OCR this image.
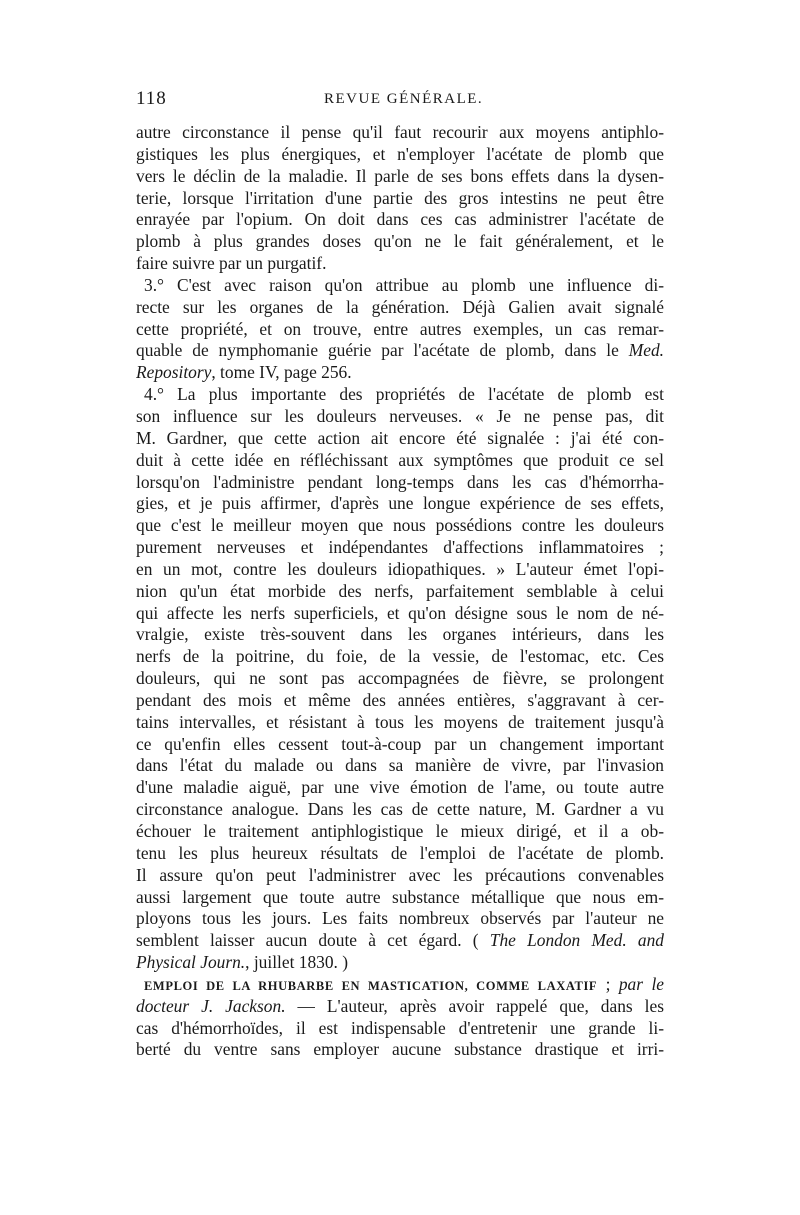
118	REVUE GÉNÉRALE.
autre circonstance il pense qu'il faut recourir aux moyens antiphlo-
gistiques les plus énergiques, et n'employer l'acétate de plomb que
vers le déclin de la maladie. Il parle de ses bons effets dans la dysen-
terie, lorsque l'irritation d'une partie des gros intestins ne peut être
enrayée par l'opium. On doit dans ces cas administrer l'acétate de
plomb à plus grandes doses qu'on ne le fait généralement, et le
faire suivre par un purgatif.
3.° C'est avec raison qu'on attribue au plomb une influence di-
recte sur les organes de la génération. Déjà Galien avait signalé
cette propriété, et on trouve, entre autres exemples, un cas remar-
quable de nymphomanie guérie par l'acétate de plomb, dans le Med.
Repository, tome IV, page 256.
4.° La plus importante des propriétés de l'acétate de plomb est
son influence sur les douleurs nerveuses. « Je ne pense pas, dit
M. Gardner, que cette action ait encore été signalée : j'ai été con-
duit à cette idée en réfléchissant aux symptômes que produit ce sel
lorsqu'on l'administre pendant long-temps dans les cas d'hémorrha-
gies, et je puis affirmer, d'après une longue expérience de ses effets,
que c'est le meilleur moyen que nous possédions contre les douleurs
purement nerveuses et indépendantes d'affections inflammatoires ;
en un mot, contre les douleurs idiopathiques. » L'auteur émet l'opi-
nion qu'un état morbide des nerfs, parfaitement semblable à celui
qui affecte les nerfs superficiels, et qu'on désigne sous le nom de né-
vralgie, existe très-souvent dans les organes intérieurs, dans les
nerfs de la poitrine, du foie, de la vessie, de l'estomac, etc. Ces
douleurs, qui ne sont pas accompagnées de fièvre, se prolongent
pendant des mois et même des années entières, s'aggravant à cer-
tains intervalles, et résistant à tous les moyens de traitement jusqu'à
ce qu'enfin elles cessent tout-à-coup par un changement important
dans l'état du malade ou dans sa manière de vivre, par l'invasion
d'une maladie aiguë, par une vive émotion de l'ame, ou toute autre
circonstance analogue. Dans les cas de cette nature, M. Gardner a vu
échouer le traitement antiphlogistique le mieux dirigé, et il a ob-
tenu les plus heureux résultats de l'emploi de l'acétate de plomb.
Il assure qu'on peut l'administrer avec les précautions convenables
aussi largement que toute autre substance métallique que nous em-
ployons tous les jours. Les faits nombreux observés par l'auteur ne
semblent laisser aucun doute à cet égard. ( The London Med. and
Physical Journ., juillet 1830. )
EMPLOI DE LA RHUBARBE EN MASTICATION, COMME LAXATIF ; par le
docteur J. Jackson. — L'auteur, après avoir rappelé que, dans les
cas d'hémorrhoïdes, il est indispensable d'entretenir une grande li-
berté du ventre sans employer aucune substance drastique et irri-
